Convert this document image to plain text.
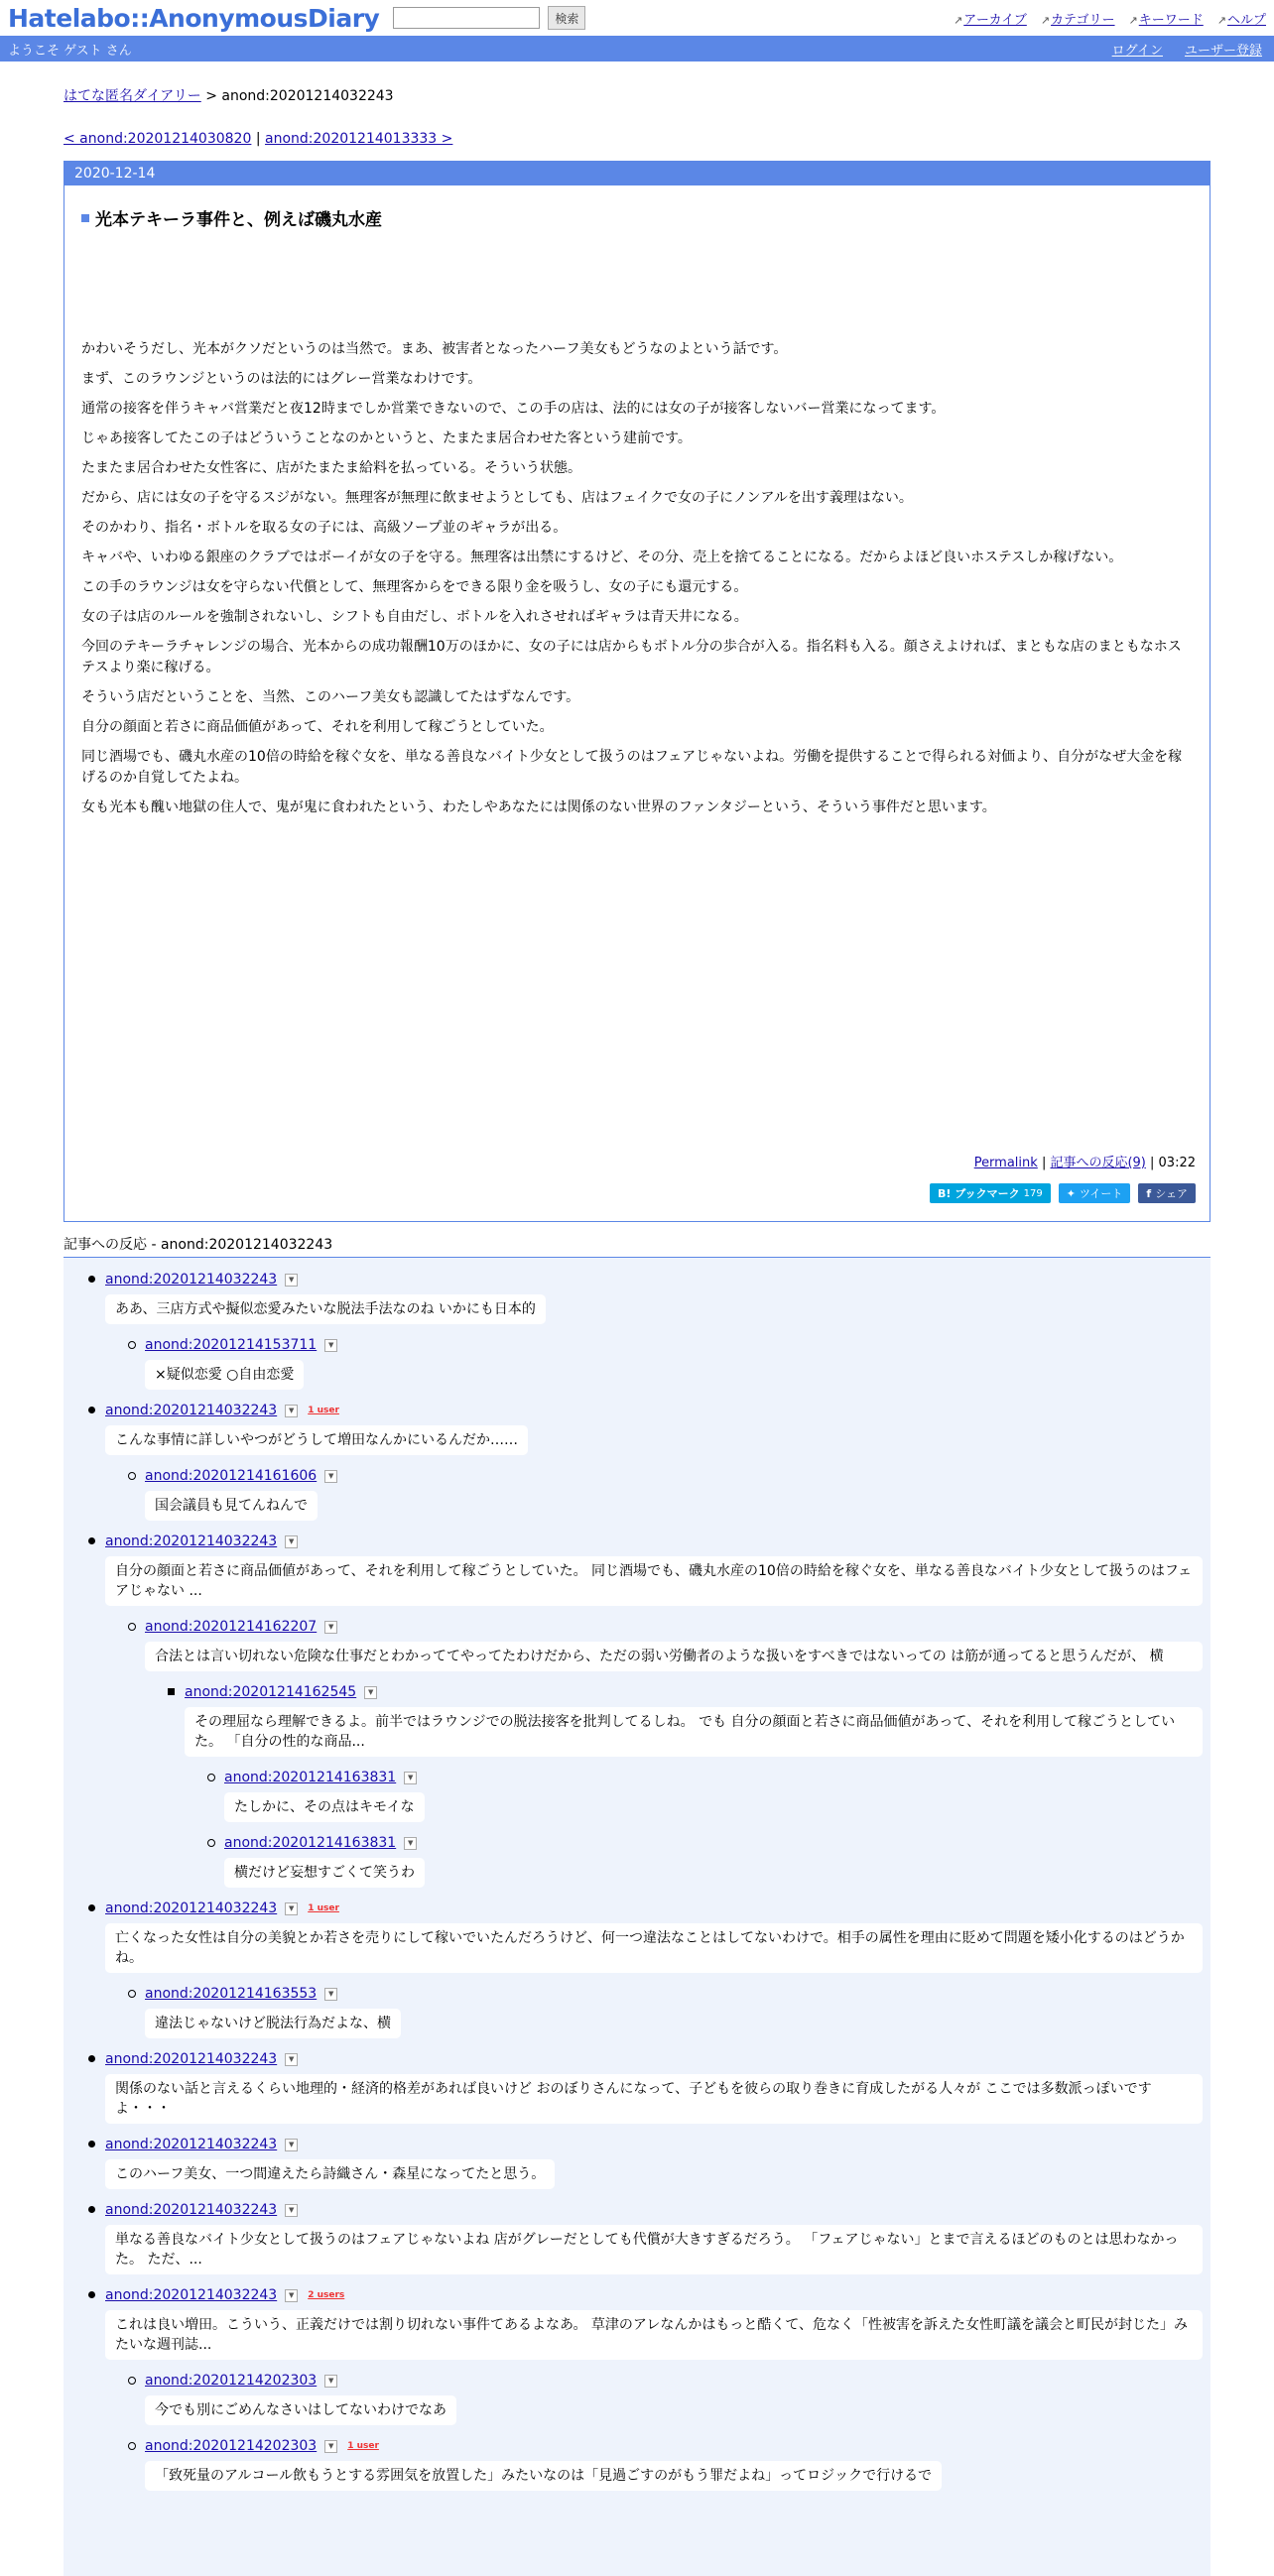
Hatelabo::AnonymousDiary	検索	↗アーカイブ ↗カテゴリー ↗キーワード ↗ヘルプ
ようこそ ゲスト さん	ログイン ユーザー登録
はてな匿名ダイアリー > anond:20201214032243
< anond:20201214030820 | anond:20201214013333 >
2020-12-14
光本テキーラ事件と、例えば磯丸水産

かわいそうだし、光本がクソだというのは当然で。まあ、被害者となったハーフ美女もどうなのよという話です。

まず、このラウンジというのは法的にはグレー営業なわけです。

通常の接客を伴うキャバ営業だと夜12時までしか営業できないので、この手の店は、法的には女の子が接客しないバー営業になってます。

じゃあ接客してたこの子はどういうことなのかというと、たまたま居合わせた客という建前です。

たまたま居合わせた女性客に、店がたまたま給料を払っている。そういう状態。

だから、店には女の子を守るスジがない。無理客が無理に飲ませようとしても、店はフェイクで女の子にノンアルを出す義理はない。

そのかわり、指名・ボトルを取る女の子には、高級ソープ並のギャラが出る。

キャバや、いわゆる銀座のクラブではボーイが女の子を守る。無理客は出禁にするけど、その分、売上を捨てることになる。だからよほど良いホステスしか稼げない。

この手のラウンジは女を守らない代償として、無理客からをできる限り金を吸うし、女の子にも還元する。

女の子は店のルールを強制されないし、シフトも自由だし、ボトルを入れさせればギャラは青天井になる。

今回のテキーラチャレンジの場合、光本からの成功報酬10万のほかに、女の子には店からもボトル分の歩合が入る。指名料も入る。顔さえよければ、まともな店のまともなホステスより楽に稼げる。

そういう店だということを、当然、このハーフ美女も認識してたはずなんです。

自分の顔面と若さに商品価値があって、それを利用して稼ごうとしていた。

同じ酒場でも、磯丸水産の10倍の時給を稼ぐ女を、単なる善良なバイト少女として扱うのはフェアじゃないよね。労働を提供することで得られる対価より、自分がなぜ大金を稼げるのか自覚してたよね。

女も光本も醜い地獄の住人で、鬼が鬼に食われたという、わたしやあなたには関係のない世界のファンタジーという、そういう事件だと思います。

Permalink | 記事への反応(9) | 03:22
B! ブックマーク 179 ✦ ツイート f シェア
記事への反応 - anond:20201214032243
anond:20201214032243	▼
ああ、三店方式や擬似恋愛みたいな脱法手法なのね いかにも日本的
anond:20201214153711	▼
×疑似恋愛 ○自由恋愛
anond:20201214032243	▼	1 user
こんな事情に詳しいやつがどうして増田なんかにいるんだか……
anond:20201214161606	▼
国会議員も見てんねんで
anond:20201214032243	▼
自分の顔面と若さに商品価値があって、それを利用して稼ごうとしていた。 同じ酒場でも、磯丸水産の10倍の時給を稼ぐ女を、単なる善良なバイト少女として扱うのはフェアじゃない ...
anond:20201214162207	▼
合法とは言い切れない危険な仕事だとわかっててやってたわけだから、ただの弱い労働者のような扱いをすべきではないっての は筋が通ってると思うんだが、 横
anond:20201214162545	▼
その理屈なら理解できるよ。前半ではラウンジでの脱法接客を批判してるしね。 でも 自分の顔面と若さに商品価値があって、それを利用して稼ごうとしていた。 「自分の性的な商品...
anond:20201214163831	▼
たしかに、その点はキモイな
anond:20201214163831	▼
横だけど妄想すごくて笑うわ
anond:20201214032243	▼	1 user
亡くなった女性は自分の美貌とか若さを売りにして稼いでいたんだろうけど、何一つ違法なことはしてないわけで。相手の属性を理由に貶めて問題を矮小化するのはどうかね。
anond:20201214163553	▼
違法じゃないけど脱法行為だよな、横
anond:20201214032243	▼
関係のない話と言えるくらい地理的・経済的格差があれば良いけど おのぼりさんになって、子どもを彼らの取り巻きに育成したがる人々が ここでは多数派っぽいですよ・・・
anond:20201214032243	▼
このハーフ美女、一つ間違えたら詩織さん・森星になってたと思う。
anond:20201214032243	▼
単なる善良なバイト少女として扱うのはフェアじゃないよね 店がグレーだとしても代償が大きすぎるだろう。 「フェアじゃない」とまで言えるほどのものとは思わなかった。 ただ、...
anond:20201214032243	▼	2 users
これは良い増田。こういう、正義だけでは割り切れない事件てあるよなあ。 草津のアレなんかはもっと酷くて、危なく「性被害を訴えた女性町議を議会と町民が封じた」みたいな週刊誌...
anond:20201214202303	▼
今でも別にごめんなさいはしてないわけでなあ
anond:20201214202303	▼	1 user
「致死量のアルコール飲もうとする雰囲気を放置した」みたいなのは「見過ごすのがもう罪だよね」ってロジックで行けるで
